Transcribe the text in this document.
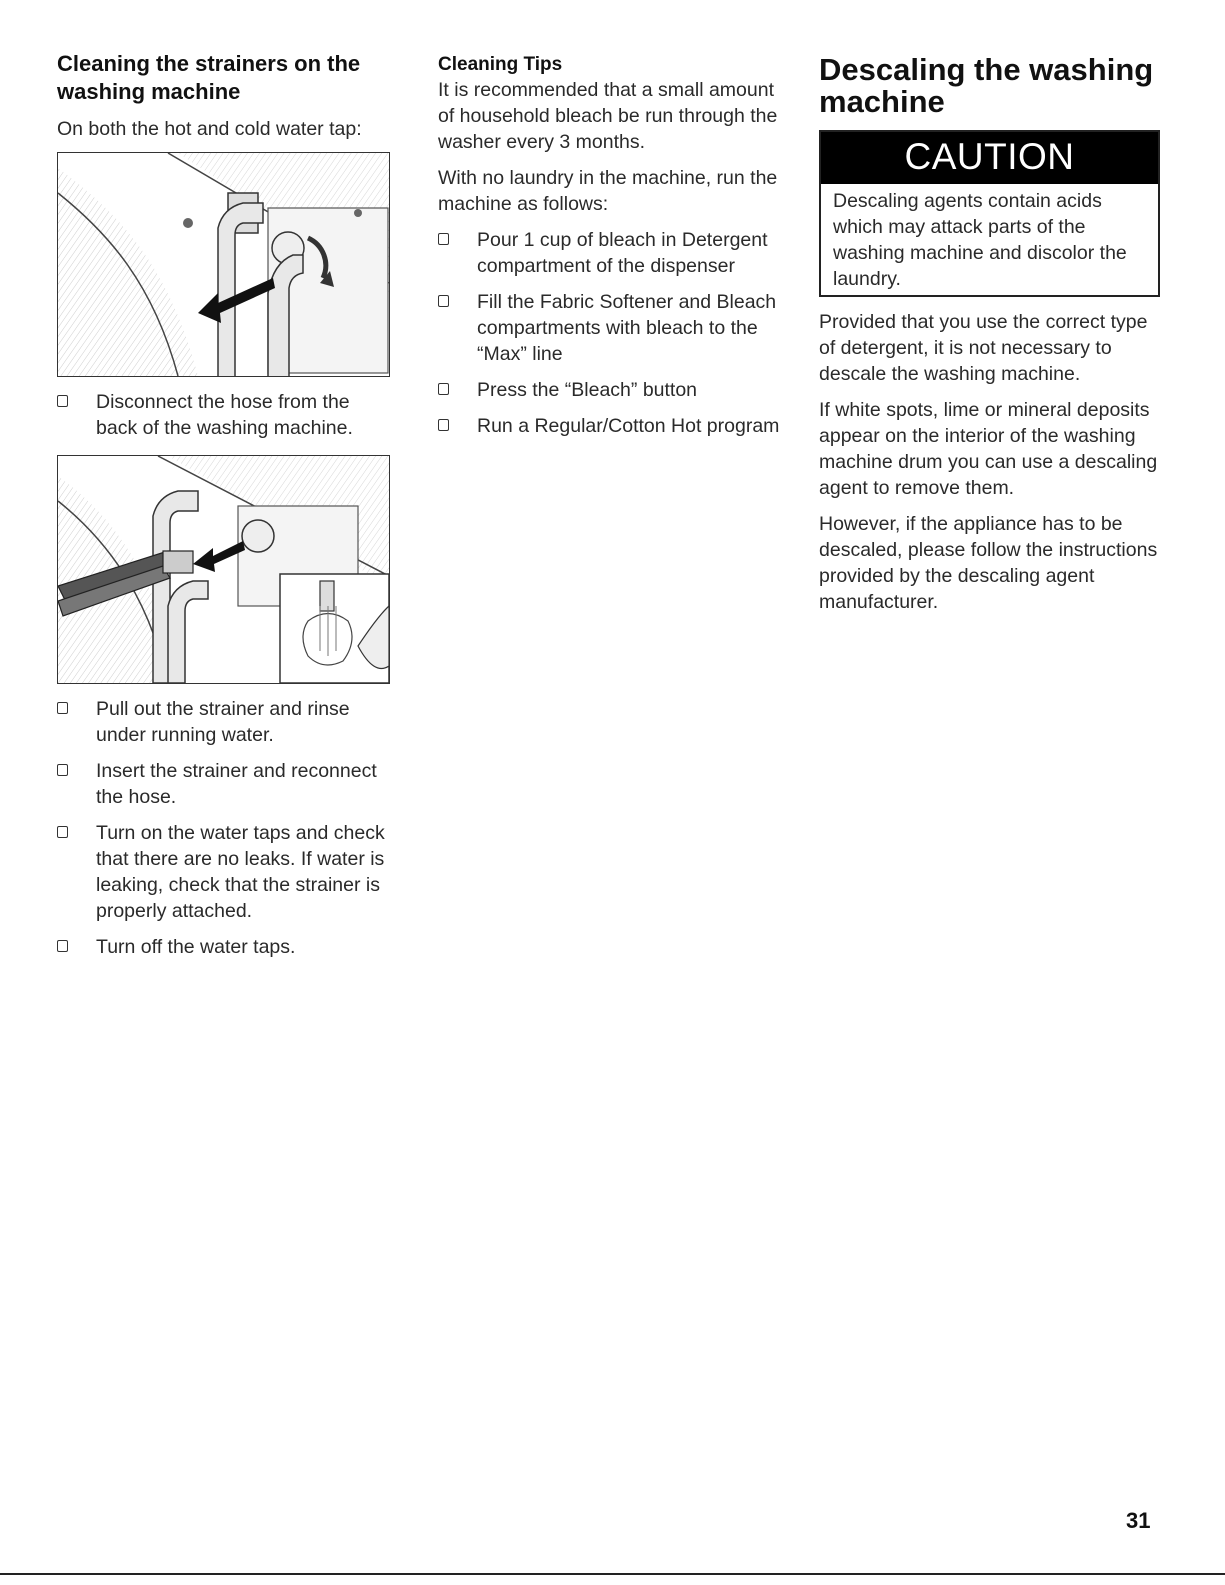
Cleaning the strainers on the washing machine

On both the hot and cold water tap:

Disconnect the hose from the back of the washing machine.
Pull out the strainer and rinse under running water.
Insert the strainer and reconnect the hose.
Turn on the water taps and check that there are no leaks. If water is leaking, check that the strainer is properly attached.
Turn off the water taps.
Cleaning Tips

It is recommended that a small amount of household bleach be run through the washer every 3 months.

With no laundry in the machine, run the machine as follows:

Pour 1 cup of bleach in Detergent compartment of the dispenser
Fill the Fabric Softener and Bleach compartments with bleach to the “Max” line
Press the “Bleach” button
Run a Regular/Cotton Hot program
Descaling the washing machine
CAUTION
Descaling agents contain acids which may attack parts of the washing machine and discolor the laundry.

Provided that you use the correct type of detergent, it is not necessary to descale the washing machine.

If white spots, lime or mineral deposits appear on the interior of the washing machine drum you can use a descaling agent to remove them.

However, if the appliance has to be descaled, please follow the instructions provided by the descaling agent manufacturer.

31
